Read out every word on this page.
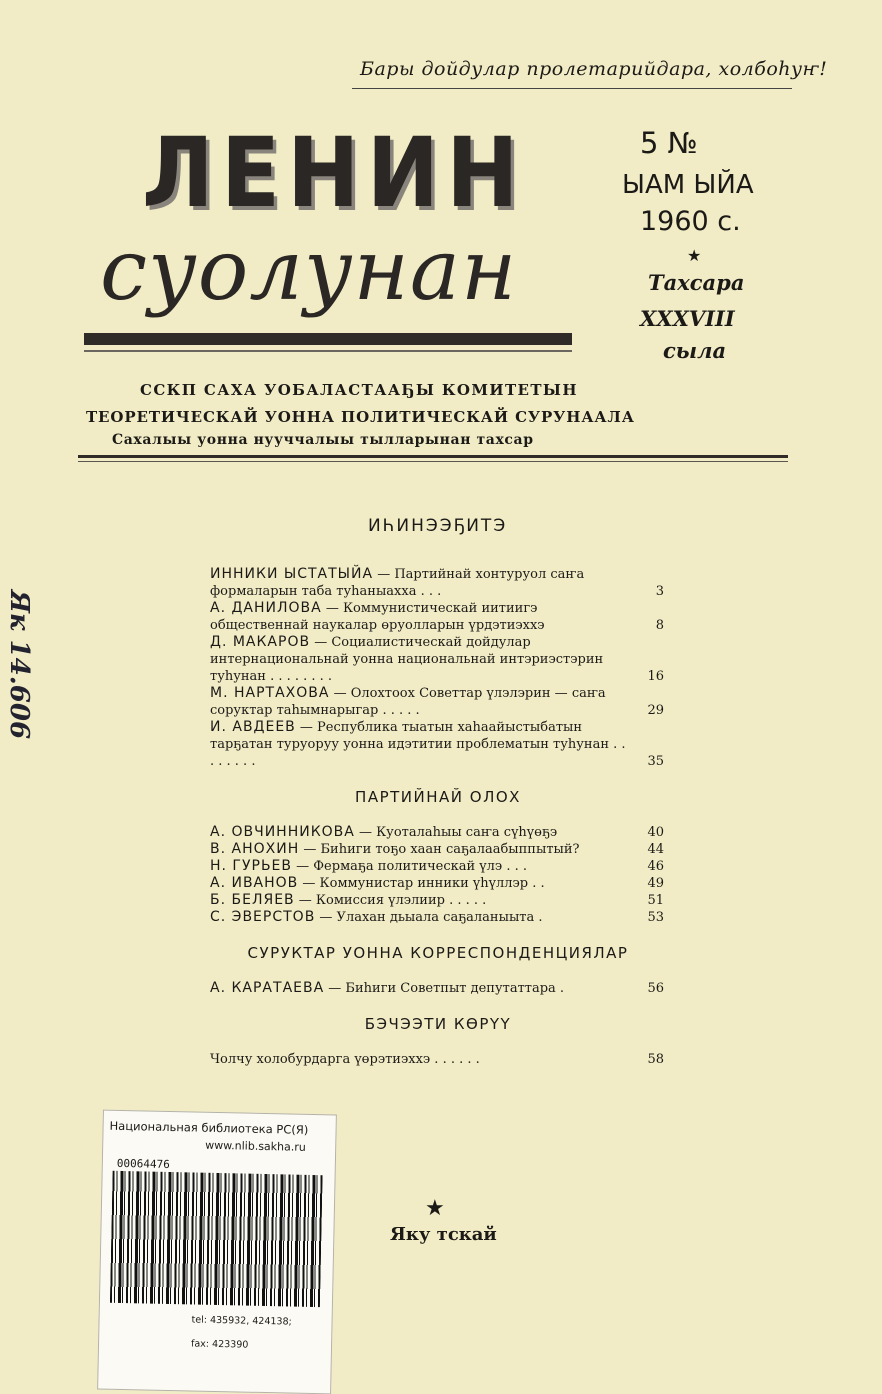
Бары дойдулар пролетарийдара, холбоһуҥ!
ЛЕНИН
суолунан
5 №
ЫАМ ЫЙА
1960 с.
★
Тахсара
XXXVIII
сыла
ССКП САХА УОБАЛАСТААҔЫ КОМИТЕТЫН
ТЕОРЕТИЧЕСКАЙ УОННА ПОЛИТИЧЕСКАЙ СУРУНААЛА
Сахалыы уонна нууччалыы тылларынан тахсар
ИҺИНЭЭҔИТЭ
ИННИКИ ЫСТАТЫЙА — Партийнай хонтуруол саҥа формаларын таба туһаныахха . . .	3
А. ДАНИЛОВА — Коммунистическай иитиигэ общественнай наукалар өруолларын үрдэтиэххэ	8
Д. МАКАРОВ — Социалистическай дойдулар интернациональнай уонна национальнай интэриэстэрин туһунан . . . . . . . .	16
М. НАРТАХОВА — Олохтоох Советтар үлэлэрин — саҥа соруктар таһымнарыгар . . . . .	29
И. АВДЕЕВ — Республика тыатын хаһаайыстыбатын тарҕатан туруоруу уонна идэтитии проблематын туһунан . . . . . . . .	35
ПАРТИЙНАЙ ОЛОХ
А. ОВЧИННИКОВА — Куоталаһыы саҥа сүһүөҕэ	40
В. АНОХИН — Биһиги тоҕо хаан саҕалаабыппытый?	44
Н. ГУРЬЕВ — Фермаҕа политическай үлэ . . .	46
А. ИВАНОВ — Коммунистар инники үһүллэр . .	49
Б. БЕЛЯЕВ — Комиссия үлэлиир . . . . .	51
С. ЭВЕРСТОВ — Улахан дьыала саҕаланыыта .	53
СУРУКТАР УОННА КОРРЕСПОНДЕНЦИЯЛАР
А. КАРАТАЕВА — Биһиги Советпыт депутаттара .	56
БЭЧЭЭТИ КӨРҮҮ
Чолчу холобурдарга үөрэтиэххэ . . . . . .	58
Як 14.606
Национальная библиотека РС(Я)
www.nlib.sakha.ru
00064476
tel: 435932, 424138;
fax: 423390
★
Яку тскай
